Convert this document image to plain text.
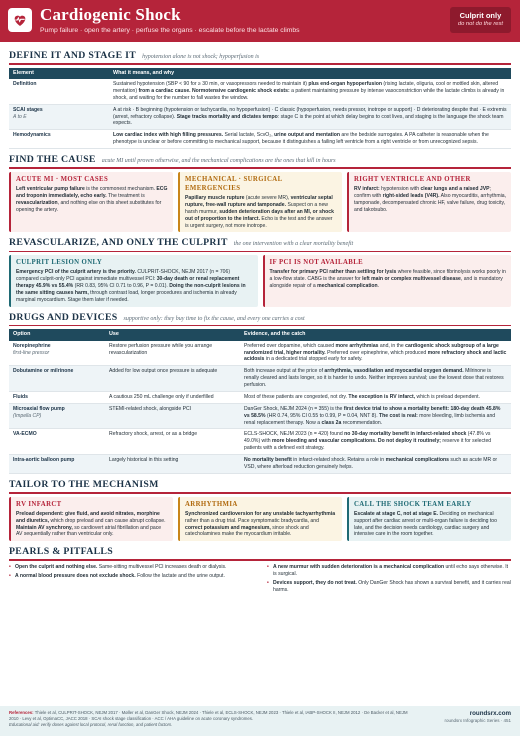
Cardiogenic Shock
Pump failure · open the artery · perfuse the organs · escalate before the lactate climbs
Culprit only
do not do the rest
DEFINE IT AND STAGE IT hypotension alone is not shock; hypoperfusion is
Element	What it means, and why

Definition	Sustained hypotension (SBP < 90 for ≥ 30 min, or vasopressors needed to maintain it) plus end-organ hypoperfusion (rising lactate, oliguria, cool or mottled skin, altered mentation) from a cardiac cause. Normotensive cardiogenic shock exists: a patient maintaining pressure by intense vasoconstriction while the lactate climbs is already in shock, and waiting for the number to fall wastes the window.

SCAI stages
A to E	A at risk · B beginning (hypotension or tachycardia, no hypoperfusion) · C classic (hypoperfusion, needs pressor, inotrope or support) · D deteriorating despite that · E extremis (arrest, refractory collapse). Stage tracks mortality and dictates tempo: stage C is the point at which delay begins to cost lives, and staging is the language the shock team expects.

Hemodynamics	Low cardiac index with high filling pressures. Serial lactate, ScvO₂, urine output and mentation are the bedside surrogates. A PA catheter is reasonable when the phenotype is unclear or before committing to mechanical support, because it distinguishes a failing left ventricle from a right ventricle or from unrecognized sepsis.
FIND THE CAUSE acute MI until proven otherwise, and the mechanical complications are the ones that kill in hours
ACUTE MI · MOST CASES
Left ventricular pump failure is the commonest mechanism. ECG and troponin immediately, echo early. The treatment is revascularization, and nothing else on this sheet substitutes for opening the artery.
MECHANICAL · SURGICAL EMERGENCIES
Papillary muscle rupture (acute severe MR), ventricular septal rupture, free-wall rupture and tamponade. Suspect on a new harsh murmur, sudden deterioration days after an MI, or shock out of proportion to the infarct. Echo is the test and the answer is urgent surgery, not more inotrope.
RIGHT VENTRICLE AND OTHER
RV infarct: hypotension with clear lungs and a raised JVP; confirm with right-sided leads (V4R). Also myocarditis, arrhythmia, tamponade, decompensated chronic HF, valve failure, drug toxicity, and takotsubo.
REVASCULARIZE, AND ONLY THE CULPRIT the one intervention with a clear mortality benefit
CULPRIT LESION ONLY
Emergency PCI of the culprit artery is the priority. CULPRIT-SHOCK, NEJM 2017 (n = 706) compared culprit-only PCI against immediate multivessel PCI: 30-day death or renal replacement therapy 45.9% vs 55.4% (RR 0.83, 95% CI 0.71 to 0.96, P = 0.01). Doing the non-culprit lesions in the same sitting causes harm, through contrast load, longer procedures and ischemia in already marginal myocardium. Stage them later if needed.
IF PCI IS NOT AVAILABLE
Transfer for primary PCI rather than settling for lysis where feasible, since fibrinolysis works poorly in a low-flow state. CABG is the answer for left main or complex multivessel disease, and is mandatory alongside repair of a mechanical complication.
DRUGS AND DEVICES supportive only: they buy time to fix the cause, and every one carries a cost
Option	Use	Evidence, and the catch

Norepinephrine
first-line pressor	Restore perfusion pressure while you arrange revascularization	Preferred over dopamine, which caused more arrhythmias and, in the cardiogenic shock subgroup of a large randomized trial, higher mortality. Preferred over epinephrine, which produced more refractory shock and lactic acidosis in a dedicated trial stopped early for safety.

Dobutamine or milrinone	Added for low output once pressure is adequate	Both increase output at the price of arrhythmia, vasodilation and myocardial oxygen demand. Milrinone is renally cleared and lasts longer, so it is harder to undo. Neither improves survival; use the lowest dose that restores perfusion.

Fluids	A cautious 250 mL challenge only if underfilled	Most of these patients are congested, not dry. The exception is RV infarct, which is preload dependent.

Microaxial flow pump
(Impella CP)	STEMI-related shock, alongside PCI	DanGer Shock, NEJM 2024 (n = 355) is the first device trial to show a mortality benefit: 180-day death 45.8% vs 58.5% (HR 0.74, 95% CI 0.55 to 0.99, P = 0.04, NNT 8). The cost is real: more bleeding, limb ischemia and renal replacement therapy. Now a class 2a recommendation.

VA-ECMO	Refractory shock, arrest, or as a bridge	ECLS-SHOCK, NEJM 2023 (n = 420) found no 30-day mortality benefit in infarct-related shock (47.8% vs 49.0%) with more bleeding and vascular complications. Do not deploy it routinely; reserve it for selected patients with a defined exit strategy.

Intra-aortic balloon pump	Largely historical in this setting	No mortality benefit in infarct-related shock. Retains a role in mechanical complications such as acute MR or VSD, where afterload reduction genuinely helps.
TAILOR TO THE MECHANISM
RV INFARCT
Preload dependent: give fluid, and avoid nitrates, morphine and diuretics, which drop preload and can cause abrupt collapse. Maintain AV synchrony, so cardiovert atrial fibrillation and pace AV sequentially rather than ventricular only.
ARRHYTHMIA
Synchronized cardioversion for any unstable tachyarrhythmia rather than a drug trial. Pace symptomatic bradycardia, and correct potassium and magnesium, since shock and catecholamines make the myocardium irritable.
CALL THE SHOCK TEAM EARLY
Escalate at stage C, not at stage E. Deciding on mechanical support after cardiac arrest or multi-organ failure is deciding too late, and the decision needs cardiology, cardiac surgery and intensive care in the room together.
PEARLS & PITFALLS
• Open the culprit and nothing else. Same-sitting multivessel PCI increases death or dialysis.
• A normal blood pressure does not exclude shock. Follow the lactate and the urine output.
• A new murmur with sudden deterioration is a mechanical complication until echo says otherwise. It is surgical.
• Devices support, they do not treat. Only DanGer Shock has shown a survival benefit, and it carries real harms.
References: Thiele et al, CULPRIT-SHOCK, NEJM 2017 · Møller et al, DanGer Shock, NEJM 2024 · Thiele et al, ECLS-SHOCK, NEJM 2023 · Thiele et al, IABP-SHOCK II, NEJM 2012 · De Backer et al, NEJM 2010 · Levy et al, OptimaCC, JACC 2018 · SCAI shock stage classification · ACC / AHA guideline on acute coronary syndromes.
Educational aid: verify doses against local protocol, renal function, and patient factors.
roundsrx.com
roundsrx Infographic Series · 451
